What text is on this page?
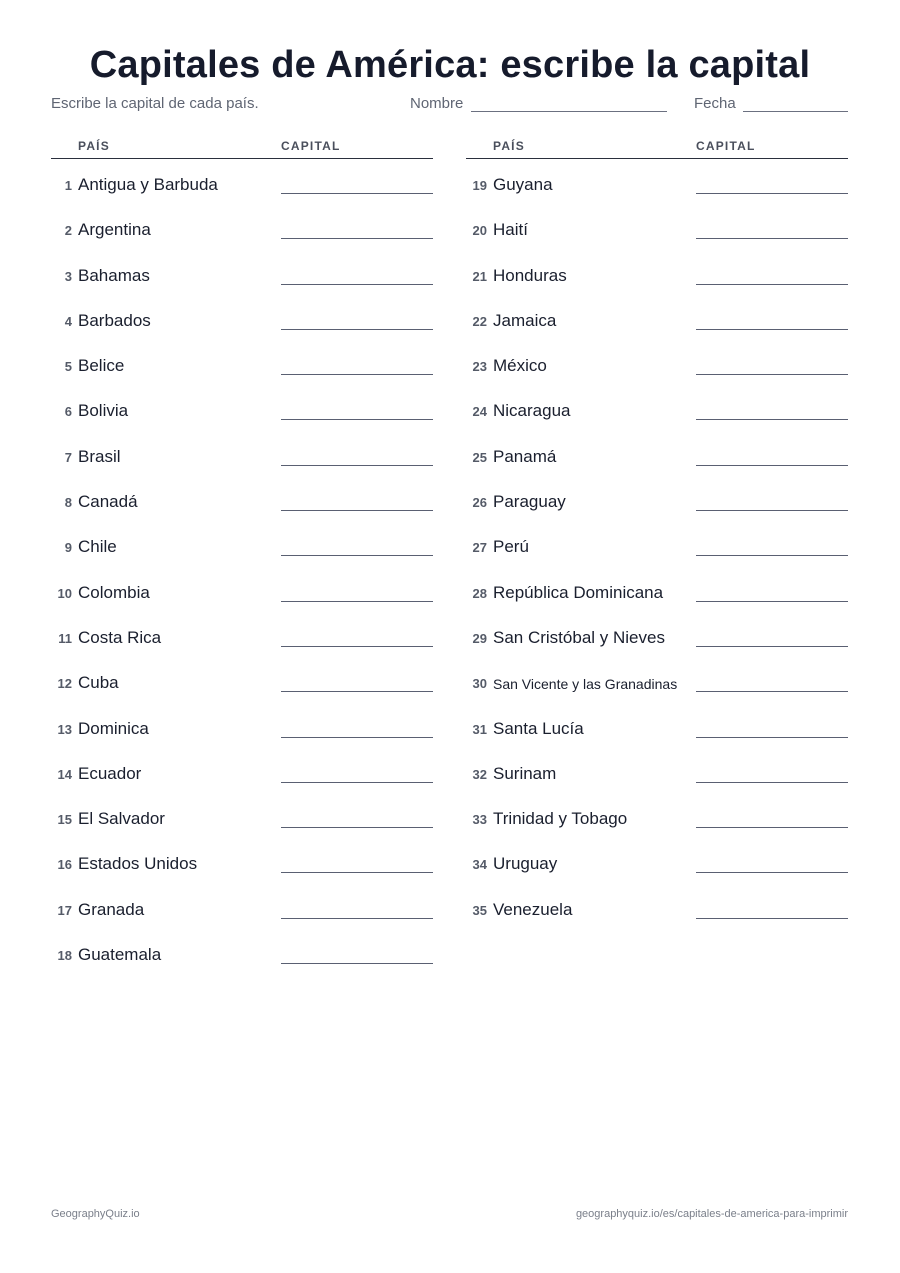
Capitales de América: escribe la capital
Escribe la capital de cada país.	Nombre	Fecha
PAÍS	CAPITAL
1 Antigua y Barbuda
2 Argentina
3 Bahamas
4 Barbados
5 Belice
6 Bolivia
7 Brasil
8 Canadá
9 Chile
10 Colombia
11 Costa Rica
12 Cuba
13 Dominica
14 Ecuador
15 El Salvador
16 Estados Unidos
17 Granada
18 Guatemala
PAÍS	CAPITAL
19 Guyana
20 Haití
21 Honduras
22 Jamaica
23 México
24 Nicaragua
25 Panamá
26 Paraguay
27 Perú
28 República Dominicana
29 San Cristóbal y Nieves
30 San Vicente y las Granadinas
31 Santa Lucía
32 Surinam
33 Trinidad y Tobago
34 Uruguay
35 Venezuela
GeographyQuiz.io	geographyquiz.io/es/capitales-de-america-para-imprimir
